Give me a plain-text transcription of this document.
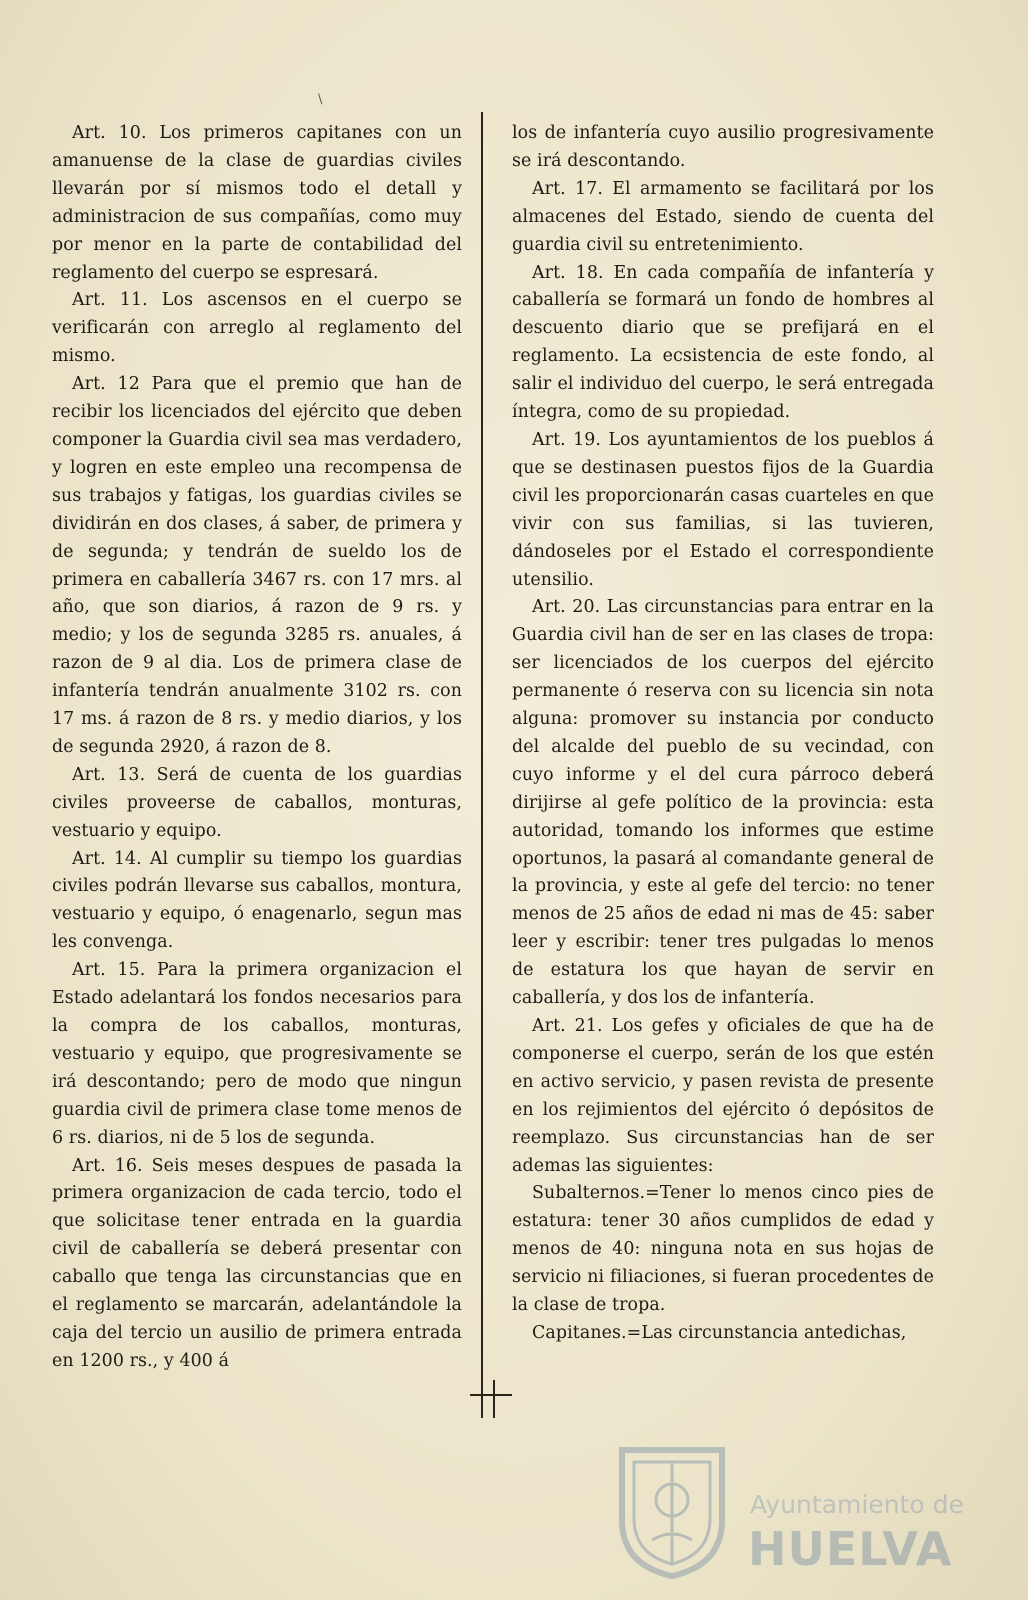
\

Art. 10. Los primeros capitanes con un amanuense de la clase de guardias civiles llevarán por sí mismos todo el detall y administracion de sus compañías, como muy por menor en la parte de contabilidad del reglamento del cuerpo se espresará.

Art. 11. Los ascensos en el cuerpo se verificarán con arreglo al reglamento del mismo.

Art. 12 Para que el premio que han de recibir los licenciados del ejército que deben componer la Guardia civil sea mas verdadero, y logren en este empleo una recompensa de sus trabajos y fatigas, los guardias civiles se dividirán en dos clases, á saber, de primera y de segunda; y tendrán de sueldo los de primera en caballería 3467 rs. con 17 mrs. al año, que son diarios, á razon de 9 rs. y medio; y los de segunda 3285 rs. anuales, á razon de 9 al dia. Los de primera clase de infantería tendrán anualmente 3102 rs. con 17 ms. á razon de 8 rs. y medio diarios, y los de segunda 2920, á razon de 8.

Art. 13. Será de cuenta de los guardias civiles proveerse de caballos, monturas, vestuario y equipo.

Art. 14. Al cumplir su tiempo los guardias civiles podrán llevarse sus caballos, montura, vestuario y equipo, ó enagenarlo, segun mas les convenga.

Art. 15. Para la primera organizacion el Estado adelantará los fondos necesarios para la compra de los caballos, monturas, vestuario y equipo, que progresivamente se irá descontando; pero de modo que ningun guardia civil de primera clase tome menos de 6 rs. diarios, ni de 5 los de segunda.

Art. 16. Seis meses despues de pasada la primera organizacion de cada tercio, todo el que solicitase tener entrada en la guardia civil de caballería se deberá presentar con caballo que tenga las circunstancias que en el reglamento se marcarán, adelantándole la caja del tercio un ausilio de primera entrada en 1200 rs., y 400 á

los de infantería cuyo ausilio progresivamente se irá descontando.

Art. 17. El armamento se facilitará por los almacenes del Estado, siendo de cuenta del guardia civil su entretenimiento.

Art. 18. En cada compañía de infantería y caballería se formará un fondo de hombres al descuento diario que se prefijará en el reglamento. La ecsistencia de este fondo, al salir el individuo del cuerpo, le será entregada íntegra, como de su propiedad.

Art. 19. Los ayuntamientos de los pueblos á que se destinasen puestos fijos de la Guardia civil les proporcionarán casas cuarteles en que vivir con sus familias, si las tuvieren, dándoseles por el Estado el correspondiente utensilio.

Art. 20. Las circunstancias para entrar en la Guardia civil han de ser en las clases de tropa: ser licenciados de los cuerpos del ejército permanente ó reserva con su licencia sin nota alguna: promover su instancia por conducto del alcalde del pueblo de su vecindad, con cuyo informe y el del cura párroco deberá dirijirse al gefe político de la provincia: esta autoridad, tomando los informes que estime oportunos, la pasará al comandante general de la provincia, y este al gefe del tercio: no tener menos de 25 años de edad ni mas de 45: saber leer y escribir: tener tres pulgadas lo menos de estatura los que hayan de servir en caballería, y dos los de infantería.

Art. 21. Los gefes y oficiales de que ha de componerse el cuerpo, serán de los que estén en activo servicio, y pasen revista de presente en los rejimientos del ejército ó depósitos de reemplazo. Sus circunstancias han de ser ademas las siguientes:

Subalternos.=Tener lo menos cinco pies de estatura: tener 30 años cumplidos de edad y menos de 40: ninguna nota en sus hojas de servicio ni filiaciones, si fueran procedentes de la clase de tropa.

Capitanes.=Las circunstancia antedichas,

Ayuntamiento de
HUELVA
